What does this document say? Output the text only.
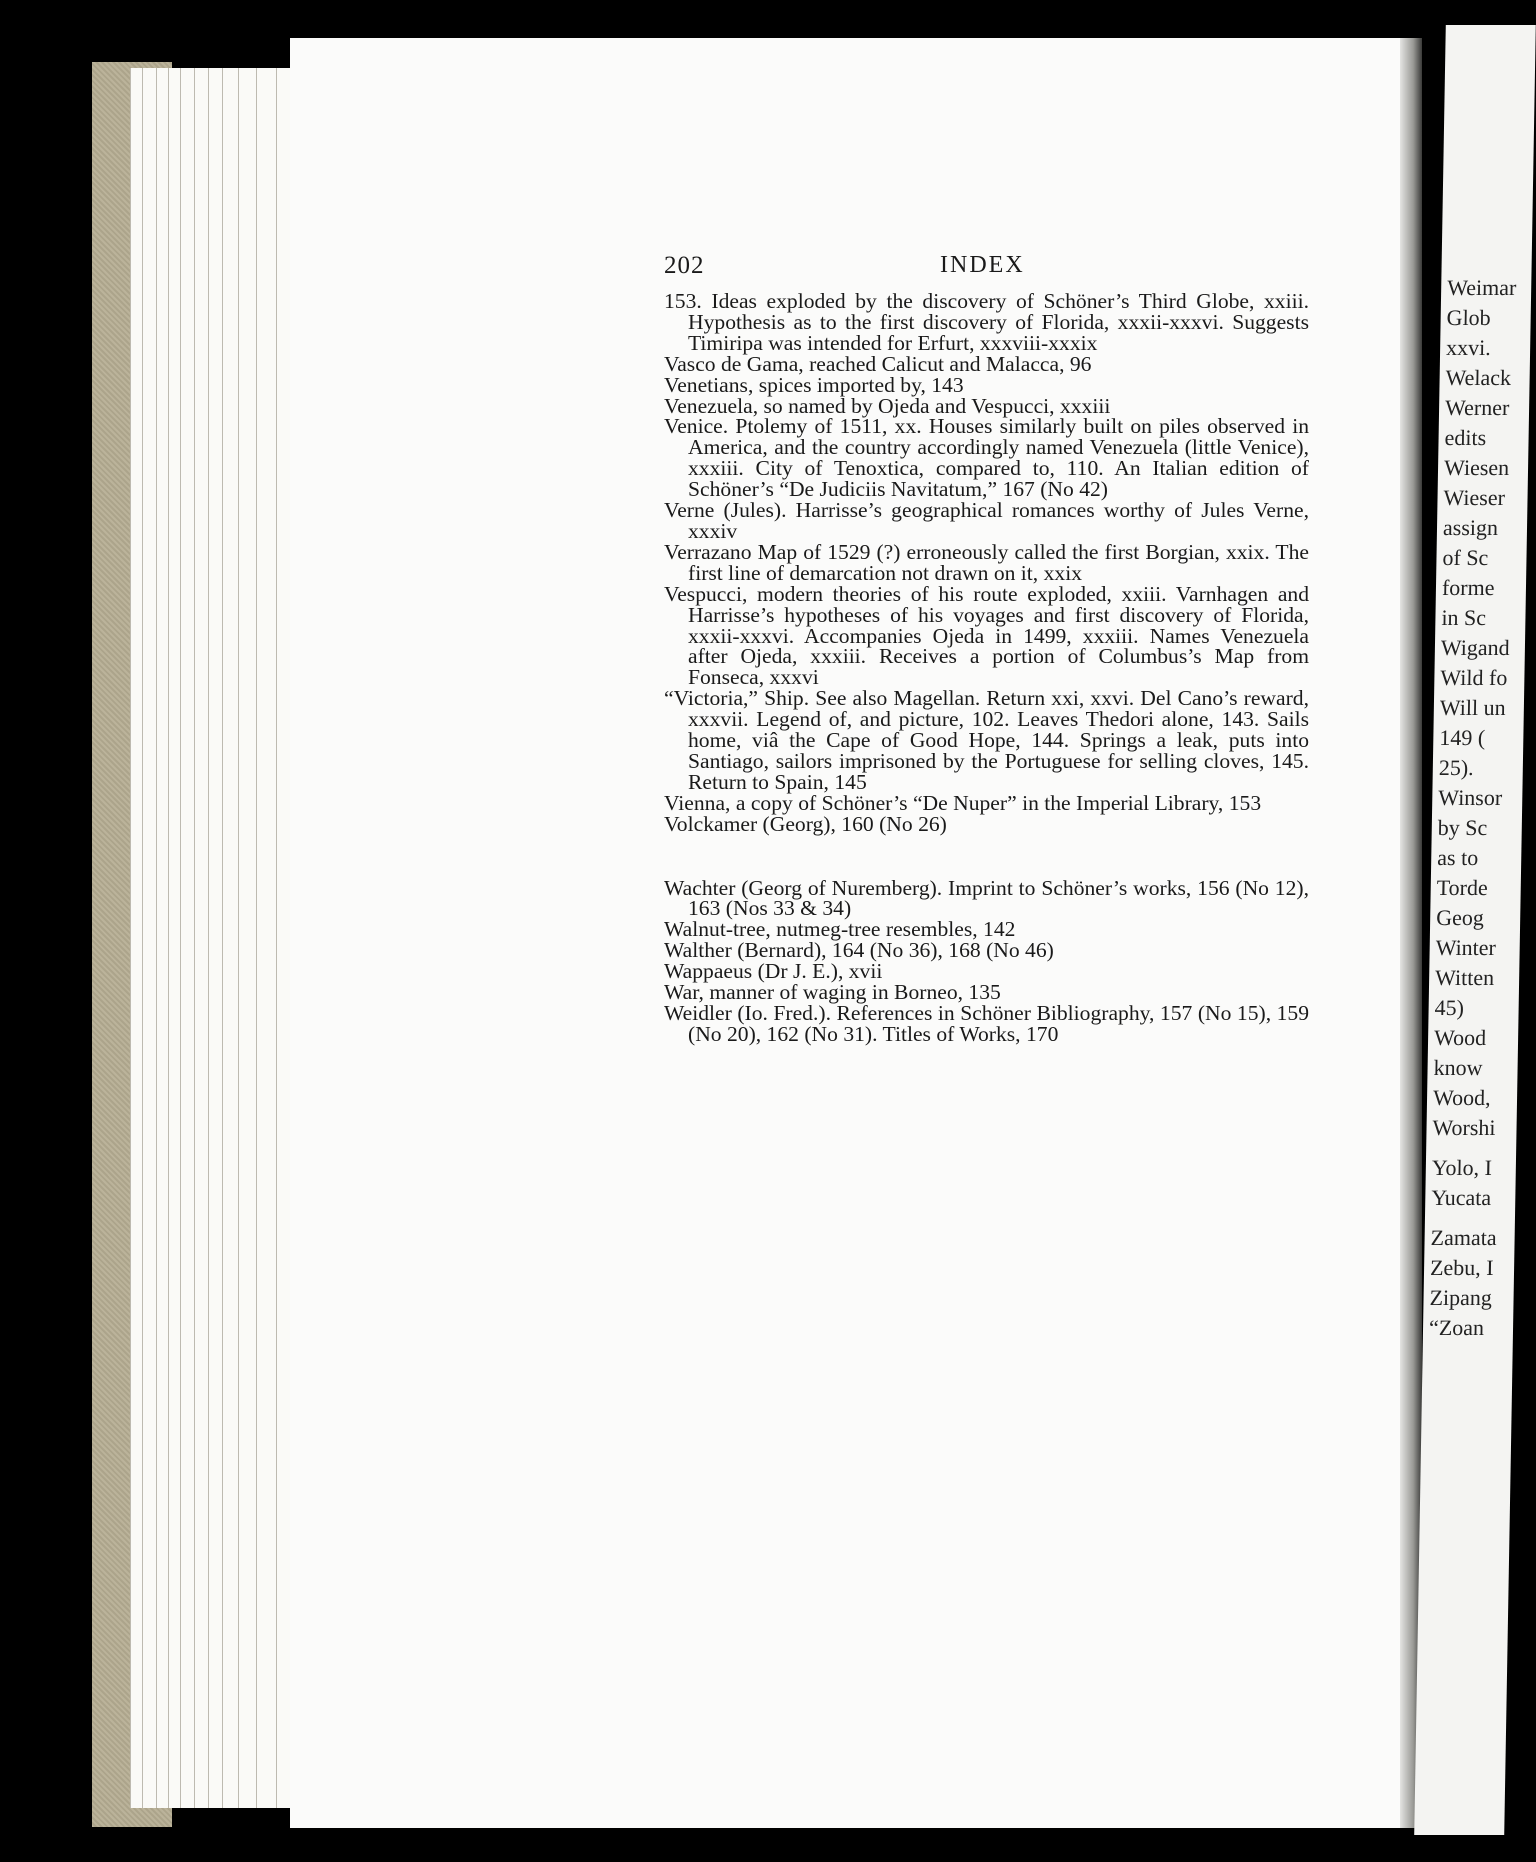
Weimar
Glob
xxvi.
Welack
Werner
edits
Wiesen
Wieser
assign
of Sc
forme
in Sc
Wigand
Wild fo
Will un
149 (
25).
Winsor
by Sc
as to
Torde
Geog
Winter
Witten
45)
Wood
know
Wood,
Worshi
Yolo, I
Yucata
Zamata
Zebu, I
Zipang
“Zoan
202	INDEX

153. Ideas exploded by the discovery of Schöner’s Third Globe, xxiii. Hypothesis as to the first discovery of Florida, xxxii-xxxvi. Suggests Timiripa was intended for Erfurt, xxxviii-xxxix

Vasco de Gama, reached Calicut and Malacca, 96

Venetians, spices imported by, 143

Venezuela, so named by Ojeda and Vespucci, xxxiii

Venice. Ptolemy of 1511, xx. Houses similarly built on piles observed in America, and the country accordingly named Venezuela (little Venice), xxxiii. City of Tenoxtica, compared to, 110. An Italian edition of Schöner’s “De Judiciis Navitatum,” 167 (No 42)

Verne (Jules). Harrisse’s geographical romances worthy of Jules Verne, xxxiv

Verrazano Map of 1529 (?) erroneously called the first Borgian, xxix. The first line of demarcation not drawn on it, xxix

Vespucci, modern theories of his route exploded, xxiii. Varnhagen and Harrisse’s hypotheses of his voyages and first discovery of Florida, xxxii-xxxvi. Accompanies Ojeda in 1499, xxxiii. Names Venezuela after Ojeda, xxxiii. Receives a portion of Columbus’s Map from Fonseca, xxxvi

“Victoria,” Ship. See also Magellan. Return xxi, xxvi. Del Cano’s reward, xxxvii. Legend of, and picture, 102. Leaves Thedori alone, 143. Sails home, viâ the Cape of Good Hope, 144. Springs a leak, puts into Santiago, sailors imprisoned by the Portuguese for selling cloves, 145. Return to Spain, 145

Vienna, a copy of Schöner’s “De Nuper” in the Imperial Library, 153

Volckamer (Georg), 160 (No 26)

Wachter (Georg of Nuremberg). Imprint to Schöner’s works, 156 (No 12), 163 (Nos 33 & 34)

Walnut-tree, nutmeg-tree resembles, 142

Walther (Bernard), 164 (No 36), 168 (No 46)

Wappaeus (Dr J. E.), xvii

War, manner of waging in Borneo, 135

Weidler (Io. Fred.). References in Schöner Bibliography, 157 (No 15), 159 (No 20), 162 (No 31). Titles of Works, 170
